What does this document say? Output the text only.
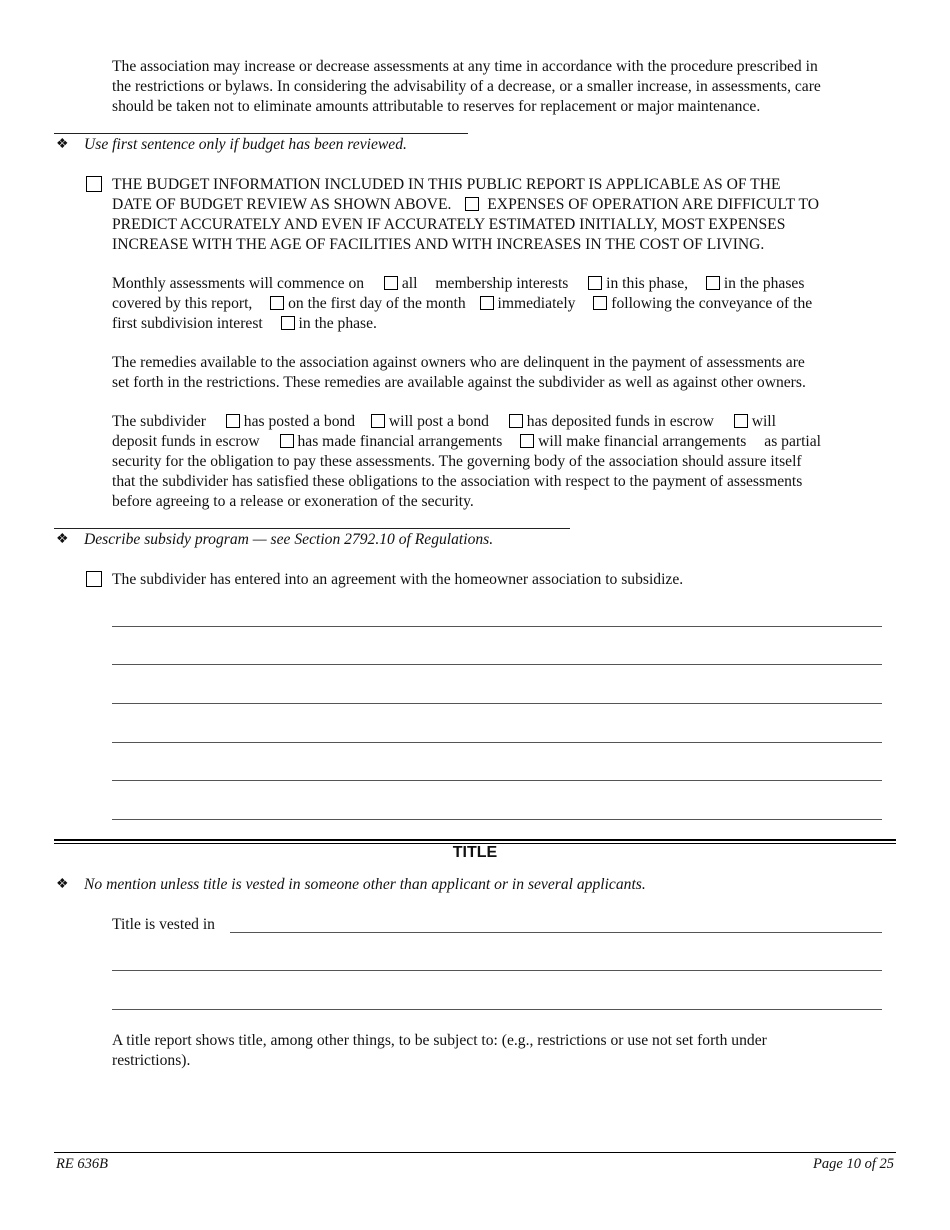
The association may increase or decrease assessments at any time in accordance with the procedure prescribed in
the restrictions or bylaws. In considering the advisability of a decrease, or a smaller increase, in assessments, care
should be taken not to eliminate amounts attributable to reserves for replacement or major maintenance.
❖ Use first sentence only if budget has been reviewed.
THE BUDGET INFORMATION INCLUDED IN THIS PUBLIC REPORT IS APPLICABLE AS OF THE
DATE OF BUDGET REVIEW AS SHOWN ABOVE. EXPENSES OF OPERATION ARE DIFFICULT TO
PREDICT ACCURATELY AND EVEN IF ACCURATELY ESTIMATED INITIALLY, MOST EXPENSES
INCREASE WITH THE AGE OF FACILITIES AND WITH INCREASES IN THE COST OF LIVING.
Monthly assessments will commence on all membership interests in this phase, in the phases
covered by this report, on the first day of the month immediately following the conveyance of the
first subdivision interest in the phase.
The remedies available to the association against owners who are delinquent in the payment of assessments are
set forth in the restrictions. These remedies are available against the subdivider as well as against other owners.
The subdivider has posted a bond will post a bond has deposited funds in escrow will
deposit funds in escrow has made financial arrangements will make financial arrangements as partial
security for the obligation to pay these assessments. The governing body of the association should assure itself
that the subdivider has satisfied these obligations to the association with respect to the payment of assessments
before agreeing to a release or exoneration of the security.
❖ Describe subsidy program — see Section 2792.10 of Regulations.
The subdivider has entered into an agreement with the homeowner association to subsidize.
TITLE
❖ No mention unless title is vested in someone other than applicant or in several applicants.
Title is vested in
A title report shows title, among other things, to be subject to: (e.g., restrictions or use not set forth under
restrictions).
RE 636B	Page 10 of 25
